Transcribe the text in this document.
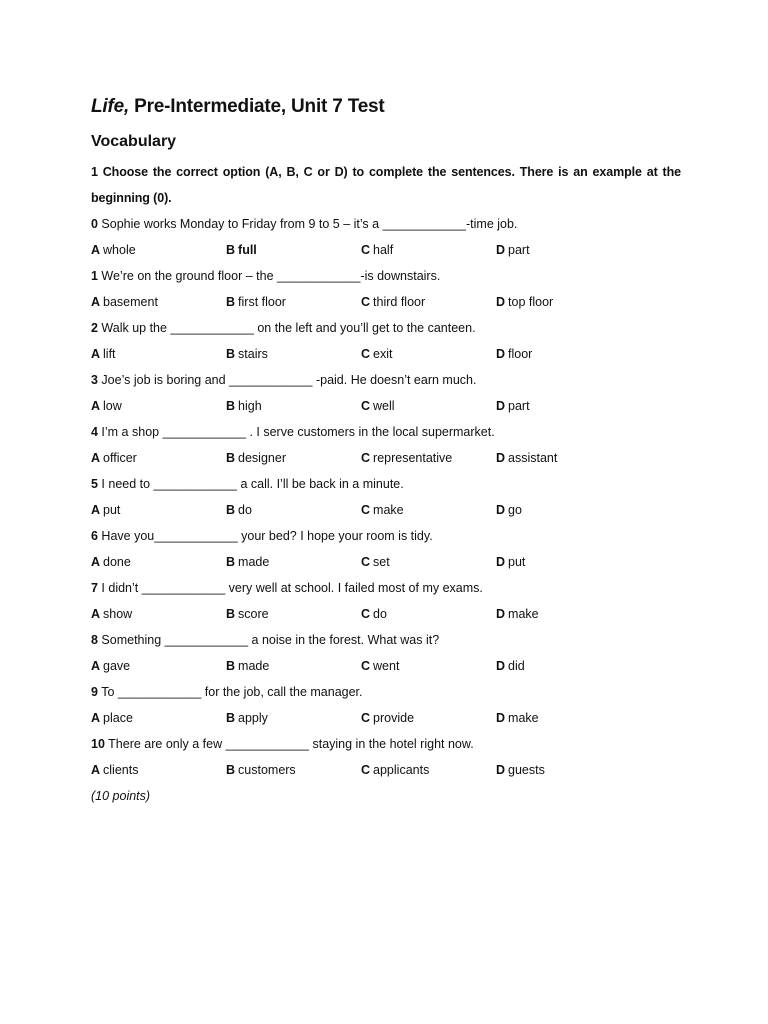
Life, Pre-Intermediate, Unit 7 Test
Vocabulary
1 Choose the correct option (A, B, C or D) to complete the sentences. There is an example at the beginning (0).
0 Sophie works Monday to Friday from 9 to 5 – it’s a ____________-time job.
A whole	B full	C half	D part
1 We’re on the ground floor – the ____________-is downstairs.
A basement	B first floor	C third floor	D top floor
2 Walk up the ____________ on the left and you’ll get to the canteen.
A lift	B stairs	C exit	D floor
3 Joe’s job is boring and ____________ -paid. He doesn’t earn much.
A low	B high	C well	D part
4 I’m a shop ____________ . I serve customers in the local supermarket.
A officer	B designer	C representative	D assistant
5 I need to ____________ a call. I’ll be back in a minute.
A put	B do	C make	D go
6 Have you____________ your bed? I hope your room is tidy.
A done	B made	C set	D put
7 I didn’t ____________ very well at school. I failed most of my exams.
A show	B score	C do	D make
8 Something ____________ a noise in the forest. What was it?
A gave	B made	C went	D did
9 To ____________ for the job, call the manager.
A place	B apply	C provide	D make
10 There are only a few ____________ staying in the hotel right now.
A clients	B customers	C applicants	D guests
(10 points)
